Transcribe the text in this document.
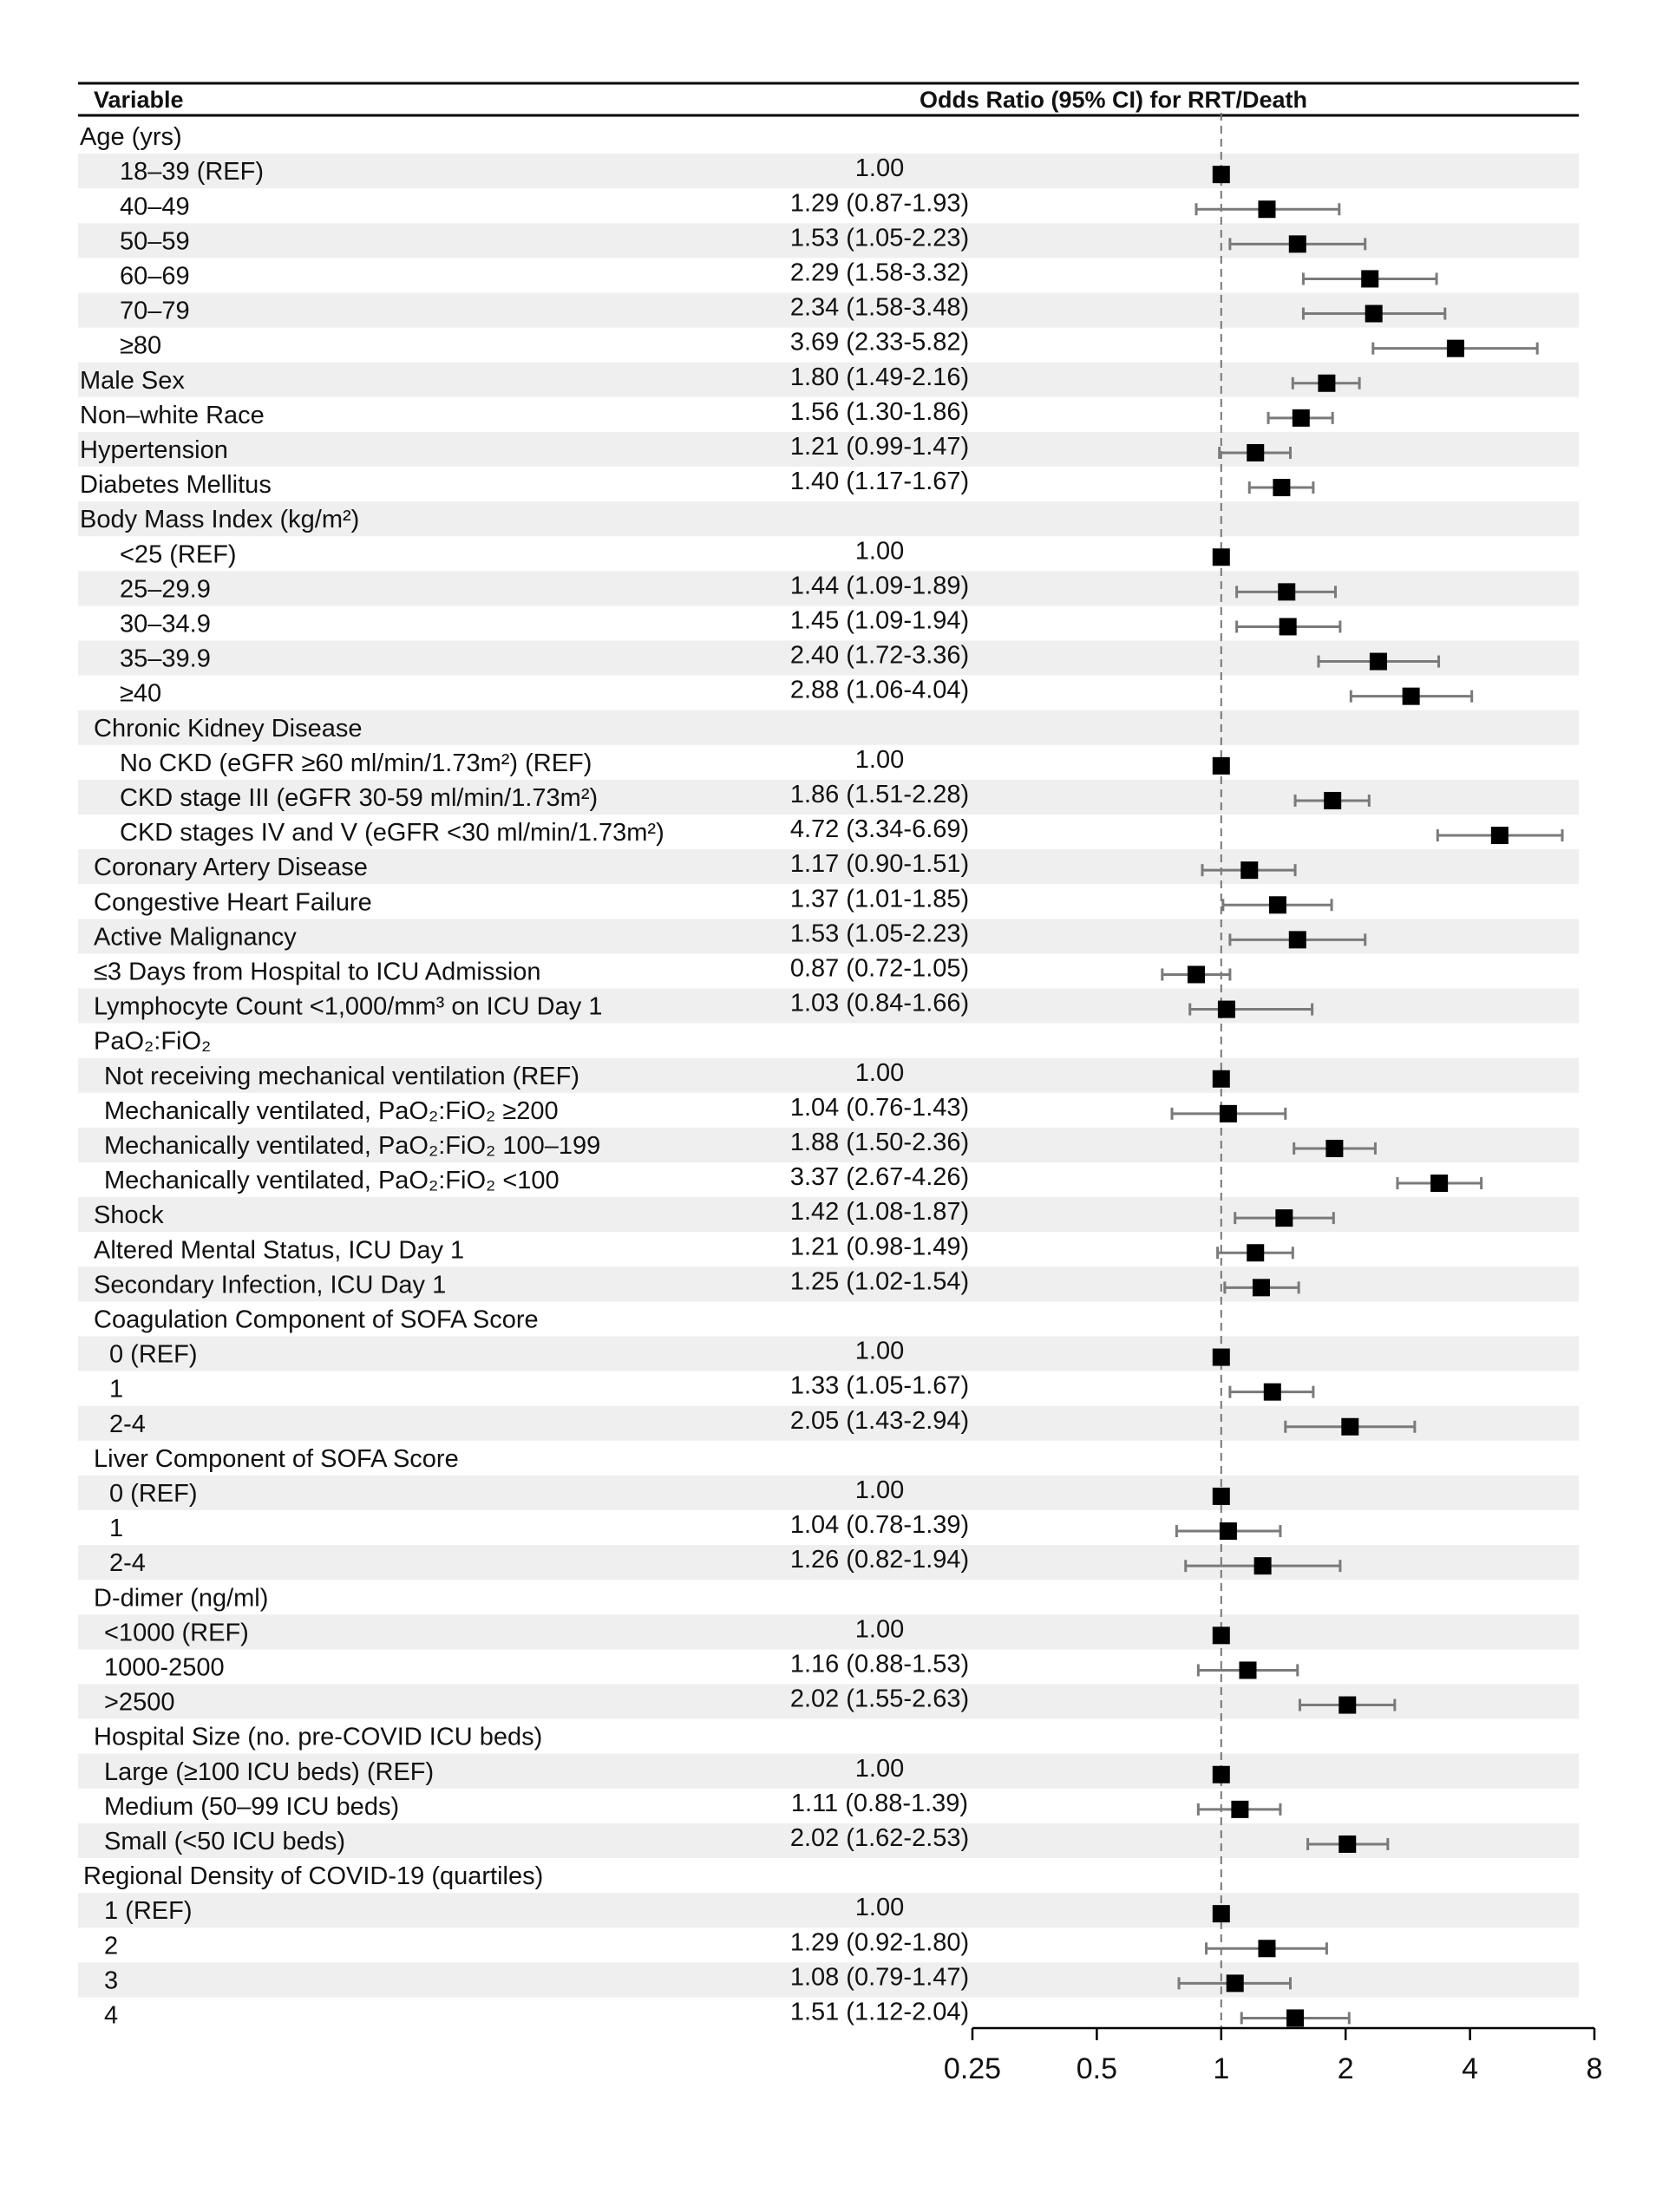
Variable	Odds Ratio (95% CI) for RRT/Death
Age (yrs)
18–39 (REF)	1.00
40–49	1.29 (0.87-1.93)
50–59	1.53 (1.05-2.23)
60–69	2.29 (1.58-3.32)
70–79	2.34 (1.58-3.48)
≥80	3.69 (2.33-5.82)
Male Sex	1.80 (1.49-2.16)
Non–white Race	1.56 (1.30-1.86)
Hypertension	1.21 (0.99-1.47)
Diabetes Mellitus	1.40 (1.17-1.67)
Body Mass Index (kg/m²)
<25 (REF)	1.00
25–29.9	1.44 (1.09-1.89)
30–34.9	1.45 (1.09-1.94)
35–39.9	2.40 (1.72-3.36)
≥40	2.88 (1.06-4.04)
Chronic Kidney Disease
No CKD (eGFR ≥60 ml/min/1.73m²) (REF)	1.00
CKD stage III (eGFR 30-59 ml/min/1.73m²)	1.86 (1.51-2.28)
CKD stages IV and V (eGFR <30 ml/min/1.73m²)	4.72 (3.34-6.69)
Coronary Artery Disease	1.17 (0.90-1.51)
Congestive Heart Failure	1.37 (1.01-1.85)
Active Malignancy	1.53 (1.05-2.23)
≤3 Days from Hospital to ICU Admission	0.87 (0.72-1.05)
Lymphocyte Count <1,000/mm³ on ICU Day 1	1.03 (0.84-1.66)
PaO₂:FiO₂
Not receiving mechanical ventilation (REF)	1.00
Mechanically ventilated, PaO₂:FiO₂ ≥200	1.04 (0.76-1.43)
Mechanically ventilated, PaO₂:FiO₂ 100–199	1.88 (1.50-2.36)
Mechanically ventilated, PaO₂:FiO₂ <100	3.37 (2.67-4.26)
Shock	1.42 (1.08-1.87)
Altered Mental Status, ICU Day 1	1.21 (0.98-1.49)
Secondary Infection, ICU Day 1	1.25 (1.02-1.54)
Coagulation Component of SOFA Score
0 (REF)	1.00
1	1.33 (1.05-1.67)
2-4	2.05 (1.43-2.94)
Liver Component of SOFA Score
0 (REF)	1.00
1	1.04 (0.78-1.39)
2-4	1.26 (0.82-1.94)
D-dimer (ng/ml)
<1000 (REF)	1.00
1000-2500	1.16 (0.88-1.53)
>2500	2.02 (1.55-2.63)
Hospital Size (no. pre-COVID ICU beds)
Large (≥100 ICU beds) (REF)	1.00
Medium (50–99 ICU beds)	1.11 (0.88-1.39)
Small (<50 ICU beds)	2.02 (1.62-2.53)
Regional Density of COVID-19 (quartiles)
1 (REF)	1.00
2	1.29 (0.92-1.80)
3	1.08 (0.79-1.47)
4	1.51 (1.12-2.04)
0.25	0.5	1	2	4	8
